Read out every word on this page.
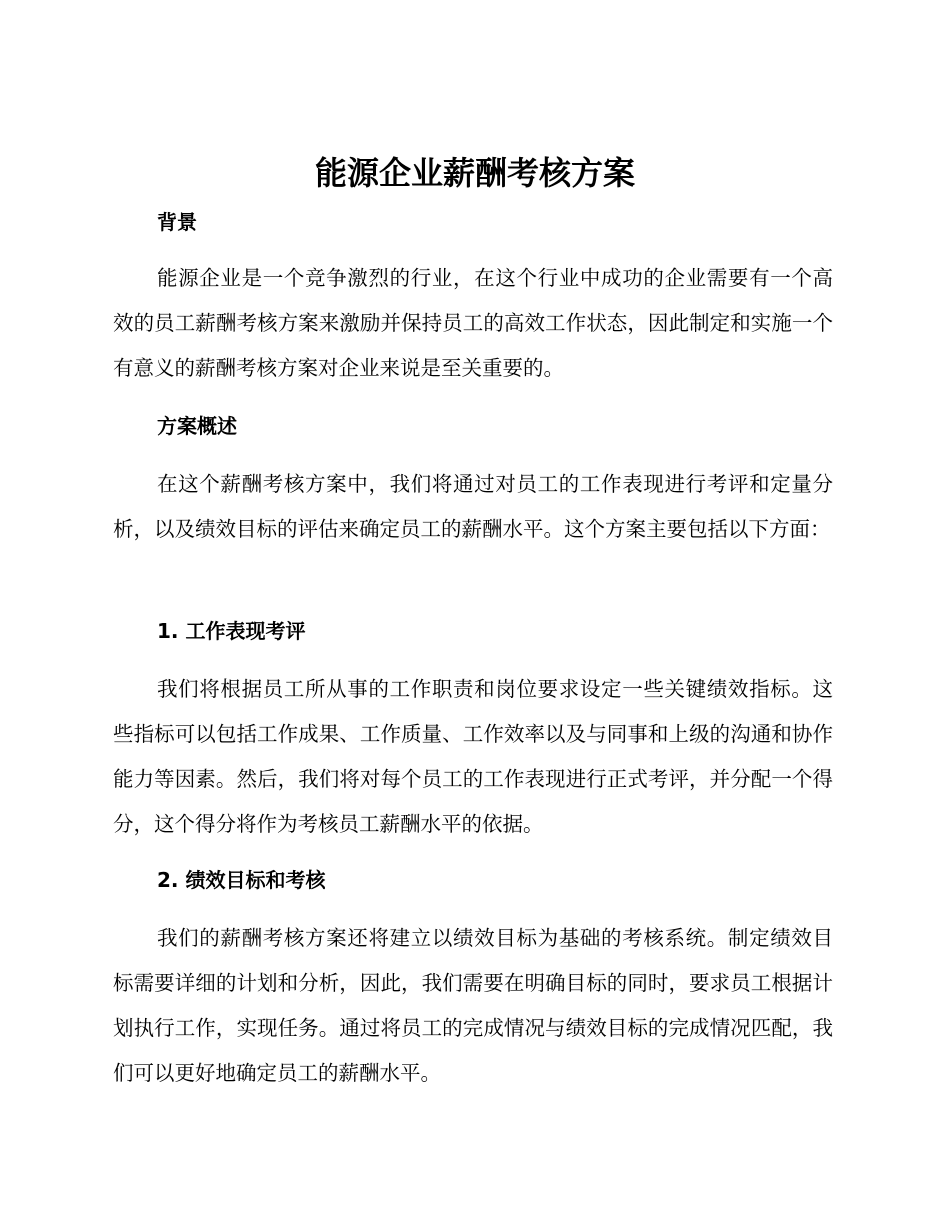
能源企业薪酬考核方案
背景

能源企业是一个竞争激烈的行业，在这个行业中成功的企业需要有一个高效的员工薪酬考核方案来激励并保持员工的高效工作状态，因此制定和实施一个有意义的薪酬考核方案对企业来说是至关重要的。

方案概述

在这个薪酬考核方案中，我们将通过对员工的工作表现进行考评和定量分析，以及绩效目标的评估来确定员工的薪酬水平。这个方案主要包括以下方面：

1. 工作表现考评

我们将根据员工所从事的工作职责和岗位要求设定一些关键绩效指标。这些指标可以包括工作成果、工作质量、工作效率以及与同事和上级的沟通和协作能力等因素。然后，我们将对每个员工的工作表现进行正式考评，并分配一个得分，这个得分将作为考核员工薪酬水平的依据。

2. 绩效目标和考核

我们的薪酬考核方案还将建立以绩效目标为基础的考核系统。制定绩效目标需要详细的计划和分析，因此，我们需要在明确目标的同时，要求员工根据计划执行工作，实现任务。通过将员工的完成情况与绩效目标的完成情况匹配，我们可以更好地确定员工的薪酬水平。
